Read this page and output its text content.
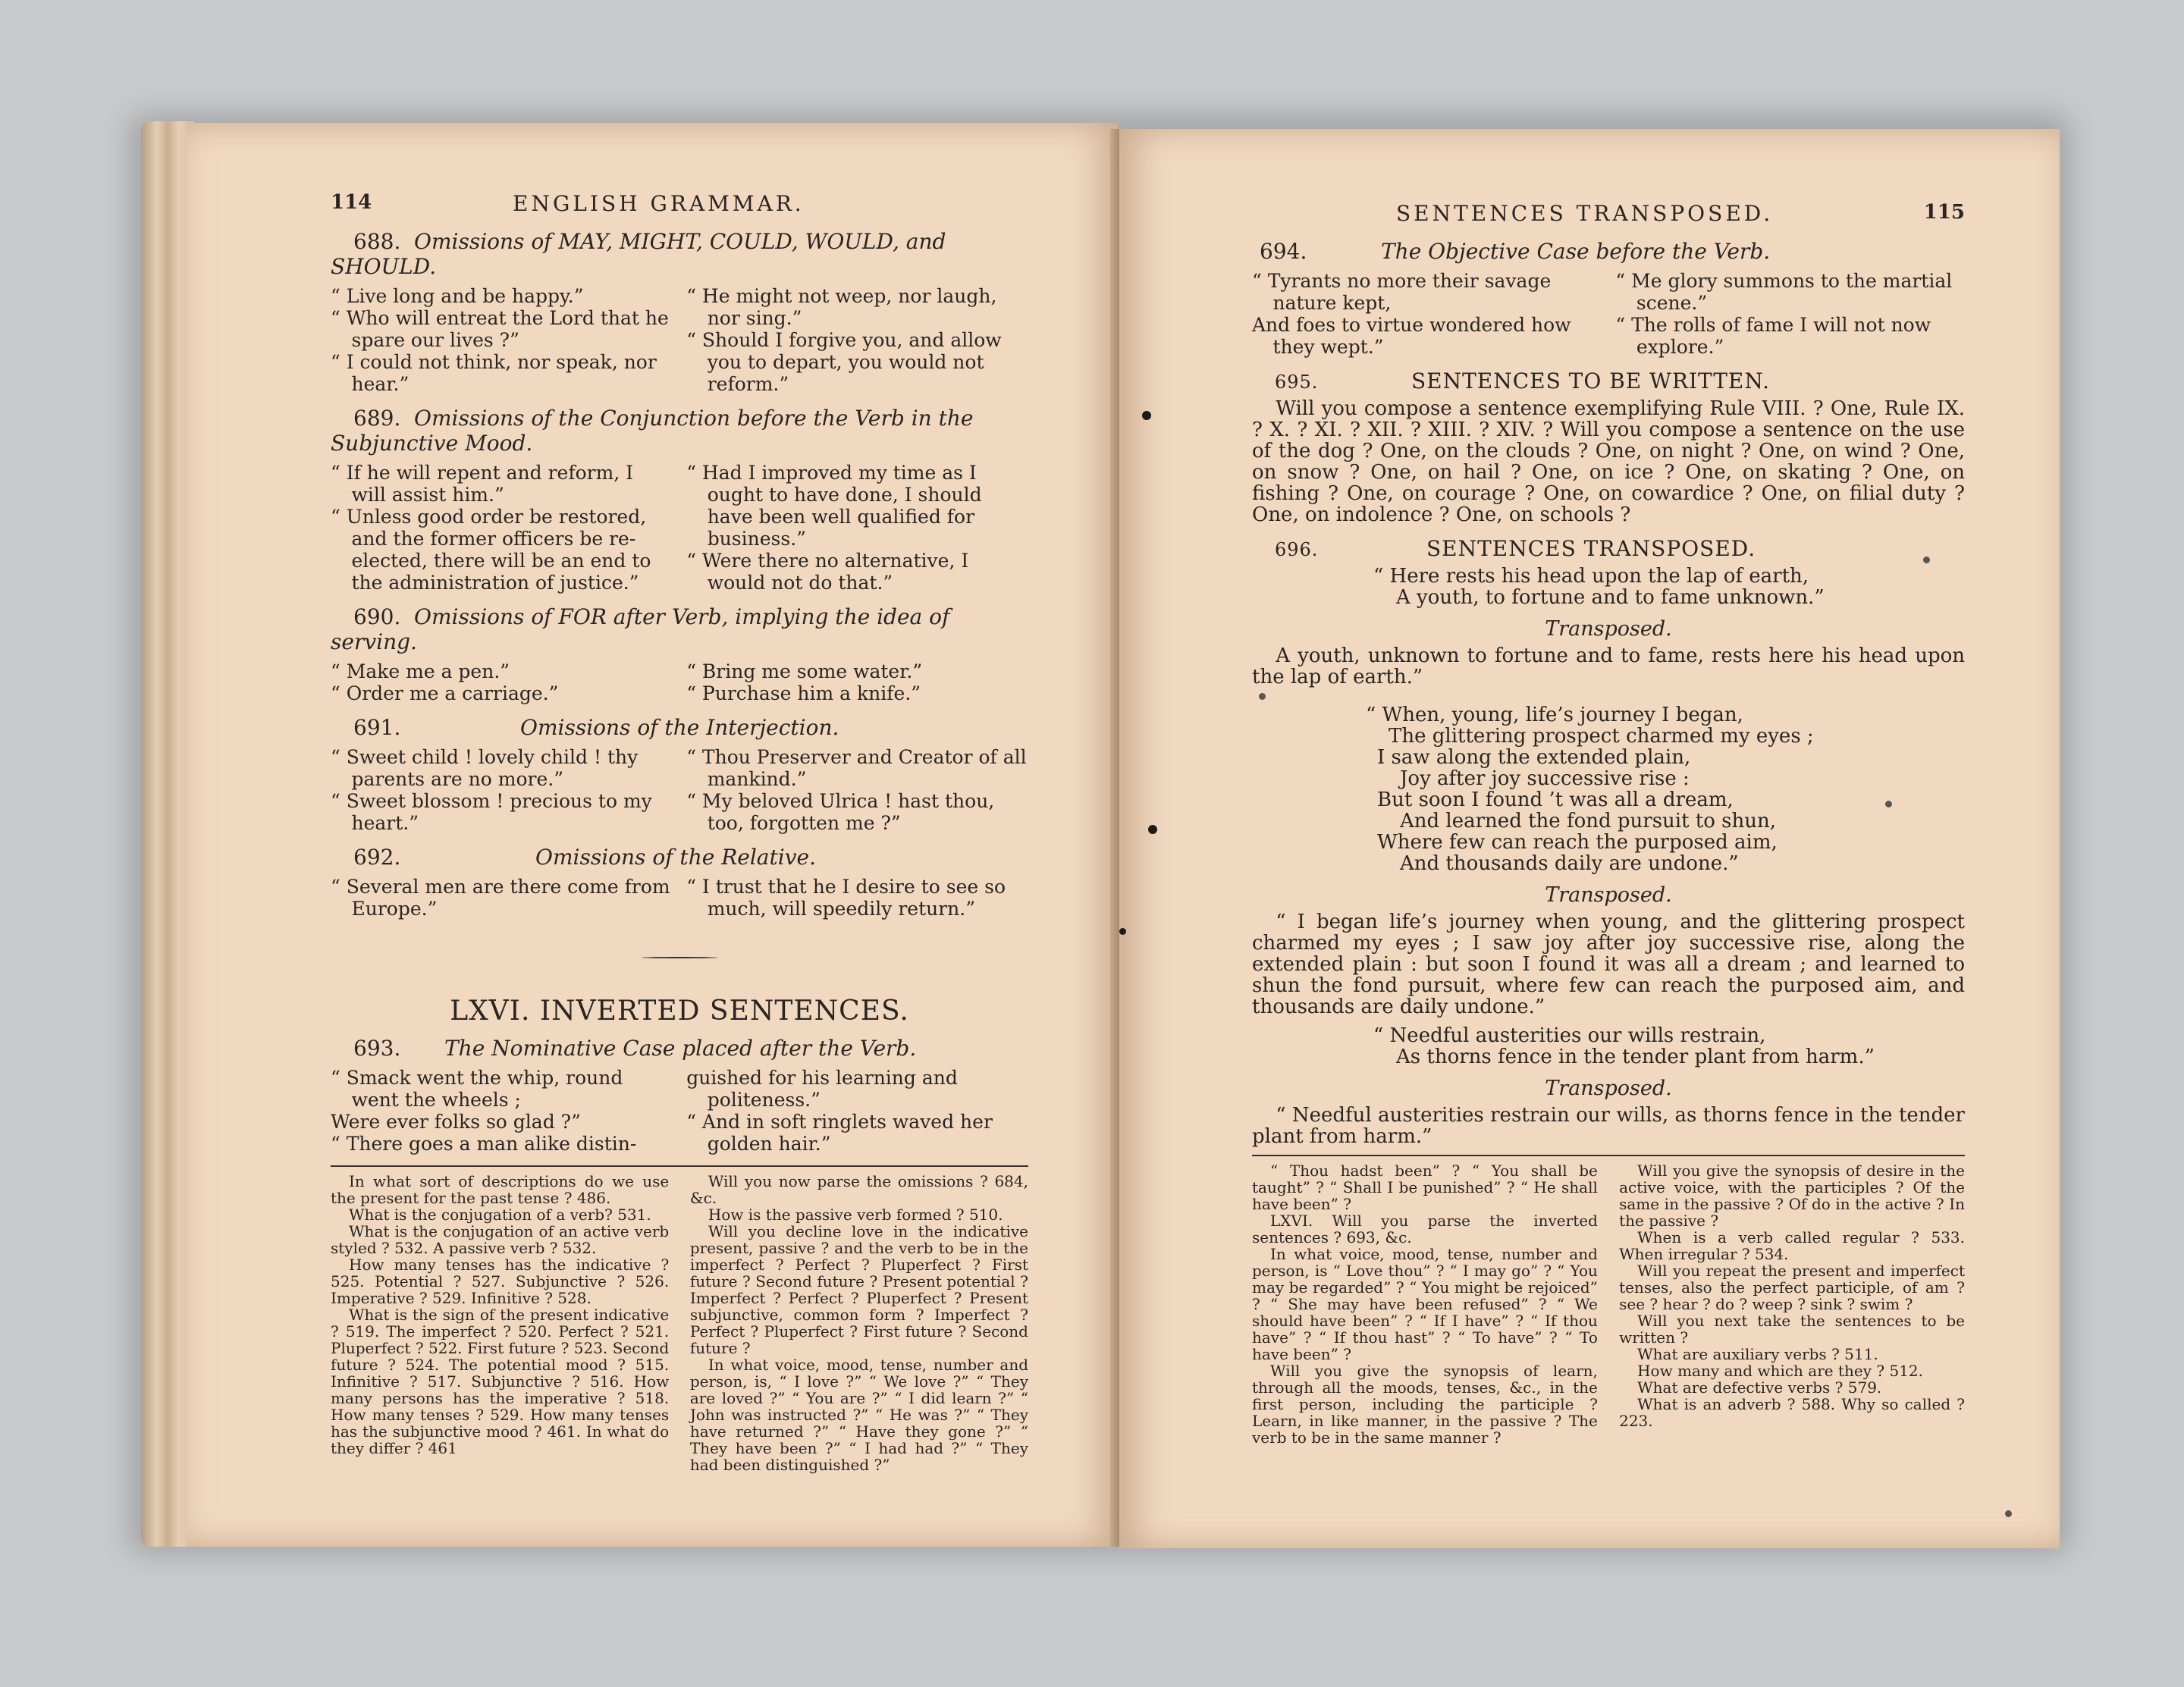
114	ENGLISH GRAMMAR.
688. Omissions of MAY, MIGHT, COULD, WOULD, and SHOULD.
“ Live long and be happy.”
“ Who will entreat the Lord that he spare our lives ?”
“ I could not think, nor speak, nor hear.”
“ He might not weep, nor laugh, nor sing.”
“ Should I forgive you, and allow you to depart, you would not reform.”
689. Omissions of the Conjunction before the Verb in the Subjunctive Mood.
“ If he will repent and reform, I will assist him.”
“ Unless good order be restored, and the former officers be re-elected, there will be an end to the administration of justice.”
“ Had I improved my time as I ought to have done, I should have been well qualified for business.”
“ Were there no alternative, I would not do that.”
690. Omissions of FOR after Verb, implying the idea of serving.
“ Make me a pen.”
“ Order me a carriage.”
“ Bring me some water.”
“ Purchase him a knife.”
691.	Omissions of the Interjection.
“ Sweet child ! lovely child ! thy parents are no more.”
“ Sweet blossom ! precious to my heart.”
“ Thou Preserver and Creator of all mankind.”
“ My beloved Ulrica ! hast thou, too, forgotten me ?”
692.	Omissions of the Relative.
“ Several men are there come from Europe.”
“ I trust that he I desire to see so much, will speedily return.”
LXVI. INVERTED SENTENCES.
693. The Nominative Case placed after the Verb.
“ Smack went the whip, round went the wheels ;
Were ever folks so glad ?”
“ There goes a man alike distin-
guished for his learning and politeness.”
“ And in soft ringlets waved her golden hair.”

In what sort of descriptions do we use the present for the past tense ? 486.

What is the conjugation of a verb? 531.

What is the conjugation of an active verb styled ? 532. A passive verb ? 532.

How many tenses has the indicative ? 525. Potential ? 527. Subjunctive ? 526. Imperative ? 529. Infinitive ? 528.

What is the sign of the present indicative ? 519. The imperfect ? 520. Perfect ? 521. Pluperfect ? 522. First future ? 523. Second future ? 524. The potential mood ? 515. Infinitive ? 517. Subjunctive ? 516. How many persons has the imperative ? 518. How many tenses ? 529. How many tenses has the subjunctive mood ? 461. In what do they differ ? 461

Will you now parse the omissions ? 684, &c.

How is the passive verb formed ? 510.

Will you decline love in the indicative present, passive ? and the verb to be in the imperfect ? Perfect ? Pluperfect ? First future ? Second future ? Present potential ? Imperfect ? Perfect ? Pluperfect ? Present subjunctive, common form ? Imperfect ? Perfect ? Pluperfect ? First future ? Second future ?

In what voice, mood, tense, number and person, is, “ I love ?” “ We love ?” “ They are loved ?” “ You are ?” “ I did learn ?” “ John was instructed ?” “ He was ?” “ They have returned ?” “ Have they gone ?” “ They have been ?” “ I had had ?” “ They had been distinguished ?”

SENTENCES TRANSPOSED.	115
694.	The Objective Case before the Verb.
“ Tyrants no more their savage nature kept,
And foes to virtue wondered how they wept.”
“ Me glory summons to the martial scene.”
“ The rolls of fame I will not now explore.”
695.	SENTENCES TO BE WRITTEN.
Will you compose a sentence exemplifying Rule VIII. ? One, Rule IX. ? X. ? XI. ? XII. ? XIII. ? XIV. ? Will you compose a sentence on the use of the dog ? One, on the clouds ? One, on night ? One, on wind ? One, on snow ? One, on hail ? One, on ice ? One, on skating ? One, on fishing ? One, on courage ? One, on cowardice ? One, on filial duty ? One, on indolence ? One, on schools ?
696.	SENTENCES TRANSPOSED.
“ Here rests his head upon the lap of earth,
A youth, to fortune and to fame unknown.”
Transposed.
A youth, unknown to fortune and to fame, rests here his head upon the lap of earth.”
“ When, young, life’s journey I began,
The glittering prospect charmed my eyes ;
I saw along the extended plain,
Joy after joy successive rise :
But soon I found ’t was all a dream,
And learned the fond pursuit to shun,
Where few can reach the purposed aim,
And thousands daily are undone.”
Transposed.
“ I began life’s journey when young, and the glittering prospect charmed my eyes ; I saw joy after joy successive rise, along the extended plain : but soon I found it was all a dream ; and learned to shun the fond pursuit, where few can reach the purposed aim, and thousands are daily undone.”
“ Needful austerities our wills restrain,
As thorns fence in the tender plant from harm.”
Transposed.
“ Needful austerities restrain our wills, as thorns fence in the tender plant from harm.”

“ Thou hadst been” ? “ You shall be taught” ? “ Shall I be punished” ? “ He shall have been” ?

LXVI. Will you parse the inverted sentences ? 693, &c.

In what voice, mood, tense, number and person, is “ Love thou” ? “ I may go” ? “ You may be regarded” ? “ You might be rejoiced” ? “ She may have been refused” ? “ We should have been” ? “ If I have” ? “ If thou have” ? “ If thou hast” ? “ To have” ? “ To have been” ?

Will you give the synopsis of learn, through all the moods, tenses, &c., in the first person, including the participle ? Learn, in like manner, in the passive ? The verb to be in the same manner ?

Will you give the synopsis of desire in the active voice, with the participles ? Of the same in the passive ? Of do in the active ? In the passive ?

When is a verb called regular ? 533. When irregular ? 534.

Will you repeat the present and imperfect tenses, also the perfect participle, of am ? see ? hear ? do ? weep ? sink ? swim ?

Will you next take the sentences to be written ?

What are auxiliary verbs ? 511.

How many and which are they ? 512.

What are defective verbs ? 579.

What is an adverb ? 588. Why so called ? 223.
